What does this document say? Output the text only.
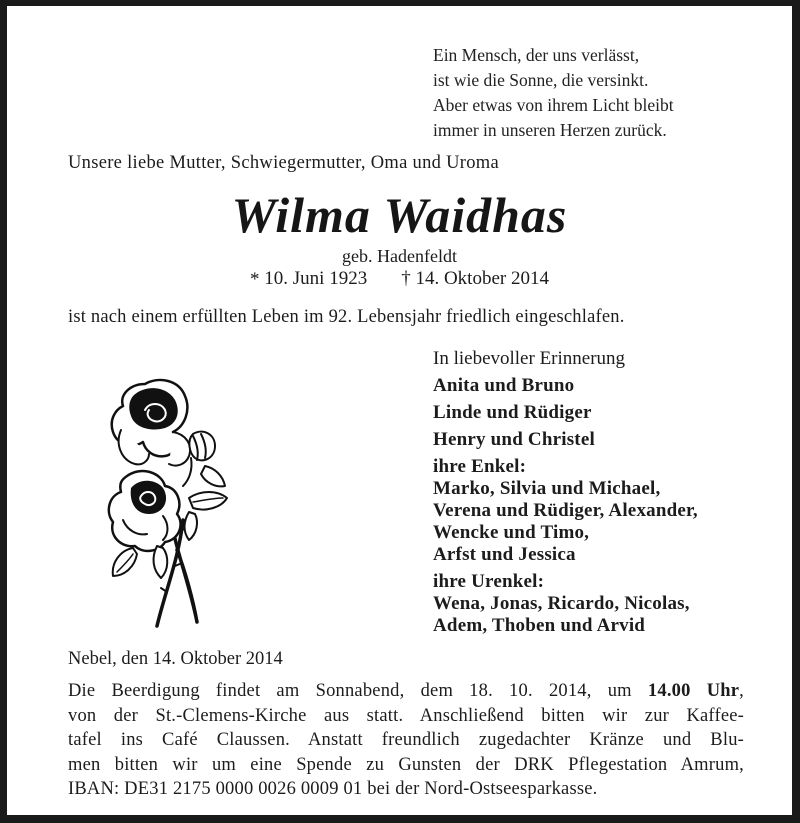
Ein Mensch, der uns verlässt,
ist wie die Sonne, die versinkt.
Aber etwas von ihrem Licht bleibt
immer in unseren Herzen zurück.
Unsere liebe Mutter, Schwiegermutter, Oma und Uroma
Wilma Waidhas
geb. Hadenfeldt
* 10. Juni 1923 † 14. Oktober 2014
ist nach einem erfüllten Leben im 92. Lebensjahr friedlich eingeschlafen.
In liebevoller Erinnerung
Anita und Bruno
Linde und Rüdiger
Henry und Christel
ihre Enkel:
Marko, Silvia und Michael,
Verena und Rüdiger, Alexander,
Wencke und Timo,
Arfst und Jessica
ihre Urenkel:
Wena, Jonas, Ricardo, Nicolas,
Adem, Thoben und Arvid
Nebel, den 14. Oktober 2014
Die Beerdigung findet am Sonnabend, dem 18. 10. 2014, um 14.00 Uhr,
von der St.-Clemens-Kirche aus statt. Anschließend bitten wir zur Kaffee-
tafel ins Café Claussen. Anstatt freundlich zugedachter Kränze und Blu-
men bitten wir um eine Spende zu Gunsten der DRK Pflegestation Amrum,
IBAN: DE31 2175 0000 0026 0009 01 bei der Nord-Ostseesparkasse.
